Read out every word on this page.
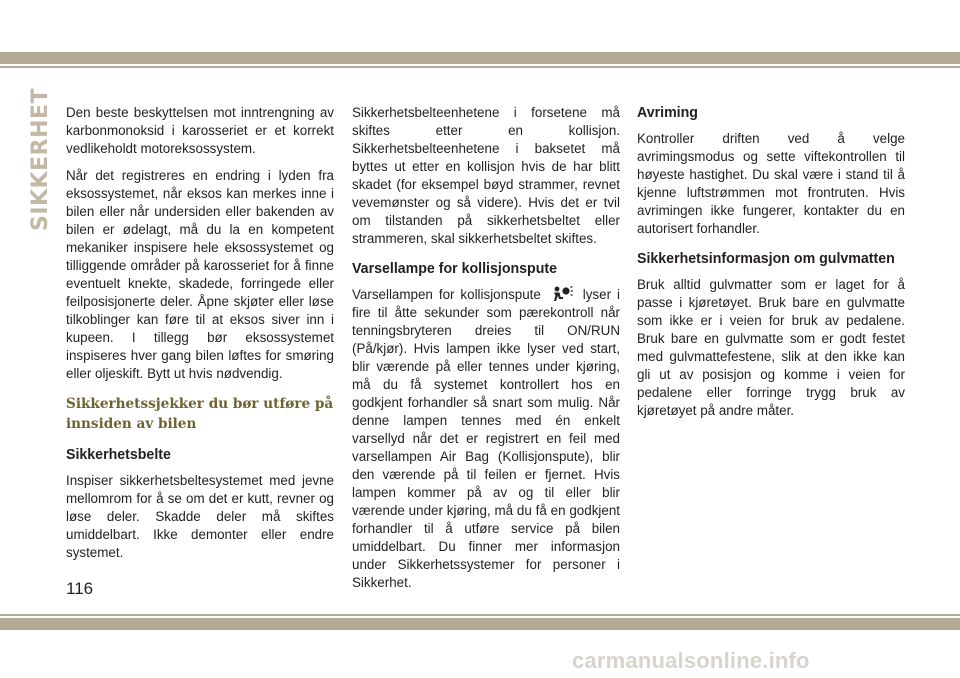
SIKKERHET Den beste beskyttelsen mot inntrengning av karbonmonoksid i karosseriet er et korrekt vedlikeholdt motoreksossystem.

Når det registreres en endring i lyden fra eksossystemet, når eksos kan merkes inne i bilen eller når undersiden eller bakenden av bilen er ødelagt, må du la en kompetent mekaniker inspisere hele eksossystemet og tilliggende områder på karosseriet for å finne eventuelt knekte, skadede, forringede eller feilposisjonerte deler. Åpne skjøter eller løse tilkoblinger kan føre til at eksos siver inn i kupeen. I tillegg bør eksossystemet inspiseres hver gang bilen løftes for smøring eller oljeskift. Bytt ut hvis nødvendig.

Sikkerhetssjekker du bør utføre på innsiden av bilen
Sikkerhetsbelte

Inspiser sikkerhetsbeltesystemet med jevne mellomrom for å se om det er kutt, revner og løse deler. Skadde deler må skiftes umiddelbart. Ikke demonter eller endre systemet.

Sikkerhetsbelteenhetene i forsetene må skiftes etter en kollisjon. Sikkerhetsbelteenhetene i baksetet må byttes ut etter en kollisjon hvis de har blitt skadet (for eksempel bøyd strammer, revnet vevemønster og så videre). Hvis det er tvil om tilstanden på sikkerhetsbeltet eller strammeren, skal sikkerhetsbeltet skiftes.

Varsellampe for kollisjonspute

Varsellampen for kollisjonspute	lyser i fire til åtte sekunder som pærekontroll når tenningsbryteren dreies til ON/RUN (På/kjør). Hvis lampen ikke lyser ved start, blir værende på eller tennes under kjøring, må du få systemet kontrollert hos en godkjent forhandler så snart som mulig. Når denne lampen tennes med én enkelt varsellyd når det er registrert en feil med varsellampen Air Bag (Kollisjonspute), blir den værende på til feilen er fjernet. Hvis lampen kommer på av og til eller blir værende under kjøring, må du få en godkjent forhandler til å utføre service på bilen umiddelbart. Du finner mer informasjon under Sikkerhetssystemer for personer i Sikkerhet.

Avriming

Kontroller driften ved å velge avrimingsmodus og sette viftekontrollen til høyeste hastighet. Du skal være i stand til å kjenne luftstrømmen mot frontruten. Hvis avrimingen ikke fungerer, kontakter du en autorisert forhandler.

Sikkerhetsinformasjon om gulvmatten

Bruk alltid gulvmatter som er laget for å passe i kjøretøyet. Bruk bare en gulvmatte som ikke er i veien for bruk av pedalene. Bruk bare en gulvmatte som er godt festet med gulvmattefestene, slik at den ikke kan gli ut av posisjon og komme i veien for pedalene eller forringe trygg bruk av kjøretøyet på andre måter.

116
carmanualsonline.info
